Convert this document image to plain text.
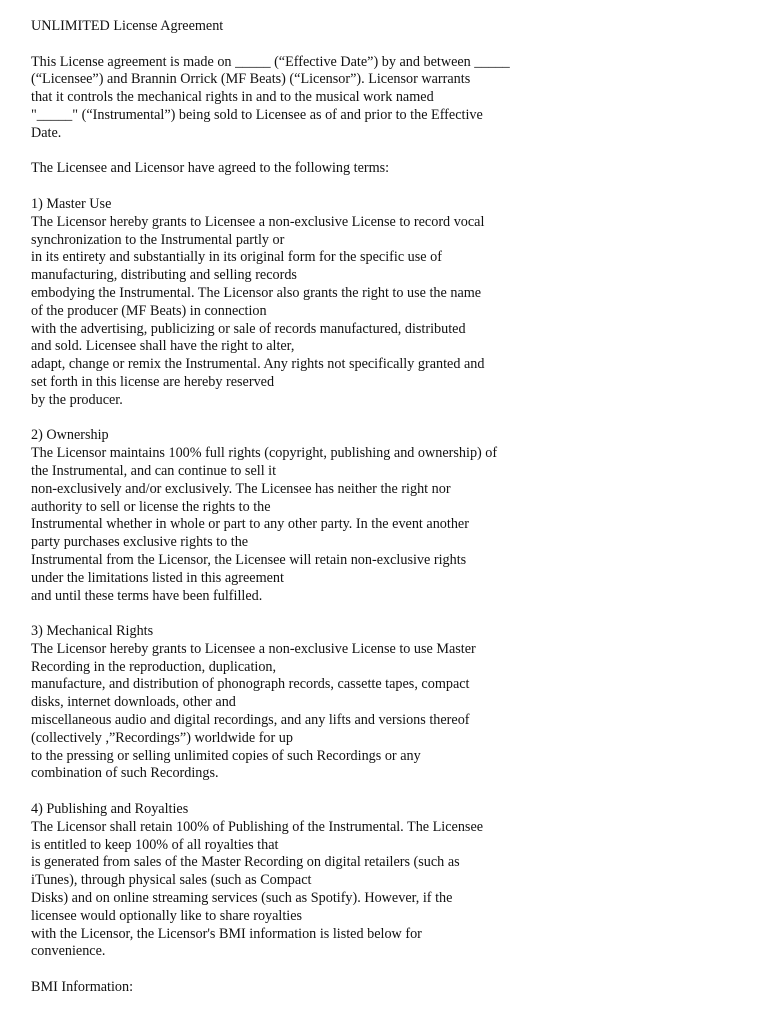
UNLIMITED License Agreement
This License agreement is made on _____ (“Effective Date”) by and between _____
(“Licensee”) and Brannin Orrick (MF Beats) (“Licensor”). Licensor warrants
that it controls the mechanical rights in and to the musical work named
"_____" (“Instrumental”) being sold to Licensee as of and prior to the Effective
Date.
The Licensee and Licensor have agreed to the following terms:
1) Master Use
The Licensor hereby grants to Licensee a non-exclusive License to record vocal
synchronization to the Instrumental partly or
in its entirety and substantially in its original form for the specific use of
manufacturing, distributing and selling records
embodying the Instrumental. The Licensor also grants the right to use the name
of the producer (MF Beats) in connection
with the advertising, publicizing or sale of records manufactured, distributed
and sold. Licensee shall have the right to alter,
adapt, change or remix the Instrumental. Any rights not specifically granted and
set forth in this license are hereby reserved
by the producer.
2) Ownership
The Licensor maintains 100% full rights (copyright, publishing and ownership) of
the Instrumental, and can continue to sell it
non-exclusively and/or exclusively. The Licensee has neither the right nor
authority to sell or license the rights to the
Instrumental whether in whole or part to any other party. In the event another
party purchases exclusive rights to the
Instrumental from the Licensor, the Licensee will retain non-exclusive rights
under the limitations listed in this agreement
and until these terms have been fulfilled.
3) Mechanical Rights
The Licensor hereby grants to Licensee a non-exclusive License to use Master
Recording in the reproduction, duplication,
manufacture, and distribution of phonograph records, cassette tapes, compact
disks, internet downloads, other and
miscellaneous audio and digital recordings, and any lifts and versions thereof
(collectively ,”Recordings”) worldwide for up
to the pressing or selling unlimited copies of such Recordings or any
combination of such Recordings.
4) Publishing and Royalties
The Licensor shall retain 100% of Publishing of the Instrumental. The Licensee
is entitled to keep 100% of all royalties that
is generated from sales of the Master Recording on digital retailers (such as
iTunes), through physical sales (such as Compact
Disks) and on online streaming services (such as Spotify). However, if the
licensee would optionally like to share royalties
with the Licensor, the Licensor's BMI information is listed below for
convenience.
BMI Information:
